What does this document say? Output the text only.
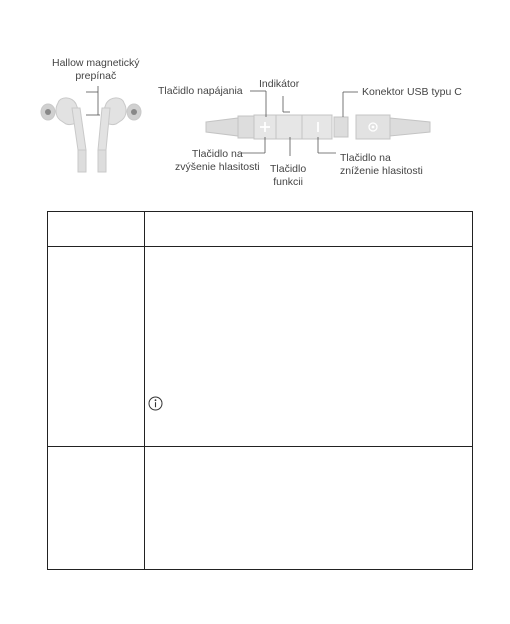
Hallow magnetický
prepínač
Tlačidlo napájania
Indikátor
Konektor USB typu C
Tlačidlo na
zvýšenie hlasitosti Tlačidlo
funkcii
Tlačidlo na
zníženie hlasitosti
